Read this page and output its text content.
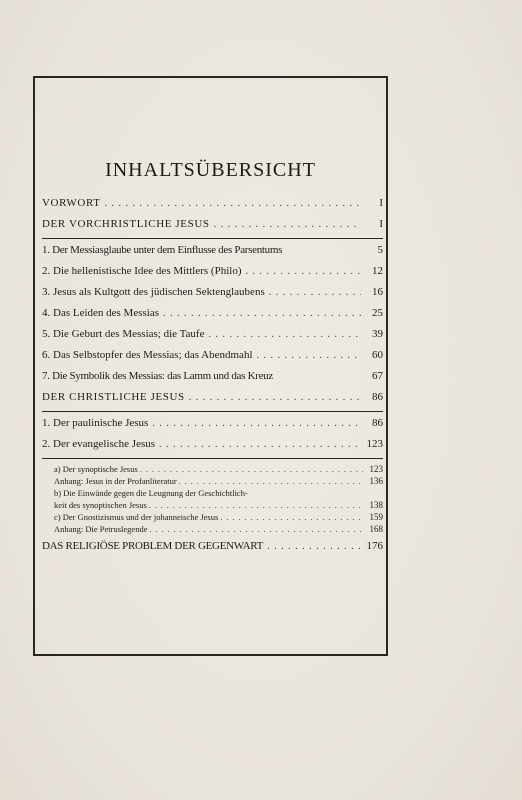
INHALTSÜBERSICHT
VORWORT . . .	I
DER VORCHRISTLICHE JESUS . . .	I
1. Der Messiasglaube unter dem Einflusse des Parsentums	5
2. Die hellenistische Idee des Mittlers (Philo) . . .	12
3. Jesus als Kultgott des jüdischen Sektenglaubens . . .	16
4. Das Leiden des Messias . . .	25
5. Die Geburt des Messias; die Taufe . . .	39
6. Das Selbstopfer des Messias; das Abendmahl . . .	60
7. Die Symbolik des Messias: das Lamm und das Kreuz	67
DER CHRISTLICHE JESUS . . .	86
1. Der paulinische Jesus . . .	86
2. Der evangelische Jesus . . .	123
a) Der synoptische Jesus . . .	123
Anhang: Jesus in der Profanliteratur . . .	136
b) Die Einwände gegen die Leugnung der Geschichtlich-
keit des synoptischen Jesus . . .	138
c) Der Gnostizismus und der johanneische Jesus . . .	159
Anhang: Die Petruslegende . . .	168
DAS RELIGIÖSE PROBLEM DER GEGENWART . . .	176
